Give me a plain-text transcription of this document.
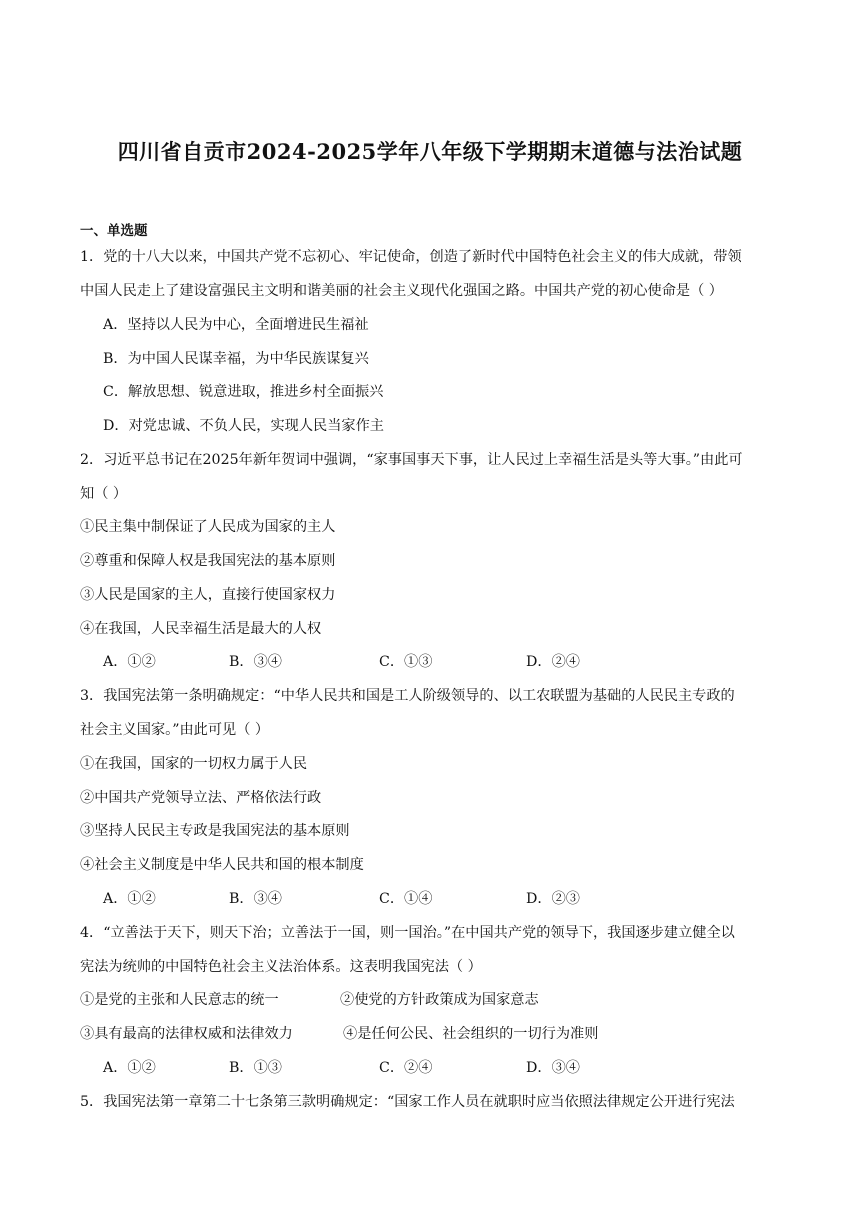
四川省自贡市2024-2025学年八年级下学期期末道德与法治试题
一、单选题
1．党的十八大以来，中国共产党不忘初心、牢记使命，创造了新时代中国特色社会主义的伟大成就，带领
中国人民走上了建设富强民主文明和谐美丽的社会主义现代化强国之路。中国共产党的初心使命是（ ）
A．坚持以人民为中心，全面增进民生福祉
B．为中国人民谋幸福，为中华民族谋复兴
C．解放思想、锐意进取，推进乡村全面振兴
D．对党忠诚、不负人民，实现人民当家作主
2．习近平总书记在2025年新年贺词中强调，“家事国事天下事，让人民过上幸福生活是头等大事。”由此可
知（ ）
①民主集中制保证了人民成为国家的主人
②尊重和保障人权是我国宪法的基本原则
③人民是国家的主人，直接行使国家权力
④在我国，人民幸福生活是最大的人权
A．①②	B．③④	C．①③	D．②④
3．我国宪法第一条明确规定：“中华人民共和国是工人阶级领导的、以工农联盟为基础的人民民主专政的
社会主义国家。”由此可见（ ）
①在我国，国家的一切权力属于人民
②中国共产党领导立法、严格依法行政
③坚持人民民主专政是我国宪法的基本原则
④社会主义制度是中华人民共和国的根本制度
A．①②	B．③④	C．①④	D．②③
4．“立善法于天下，则天下治；立善法于一国，则一国治。”在中国共产党的领导下，我国逐步建立健全以
宪法为统帅的中国特色社会主义法治体系。这表明我国宪法（ ）
①是党的主张和人民意志的统一	②使党的方针政策成为国家意志
③具有最高的法律权威和法律效力	④是任何公民、社会组织的一切行为准则
A．①②	B．①③	C．②④	D．③④
5．我国宪法第一章第二十七条第三款明确规定：“国家工作人员在就职时应当依照法律规定公开进行宪法
